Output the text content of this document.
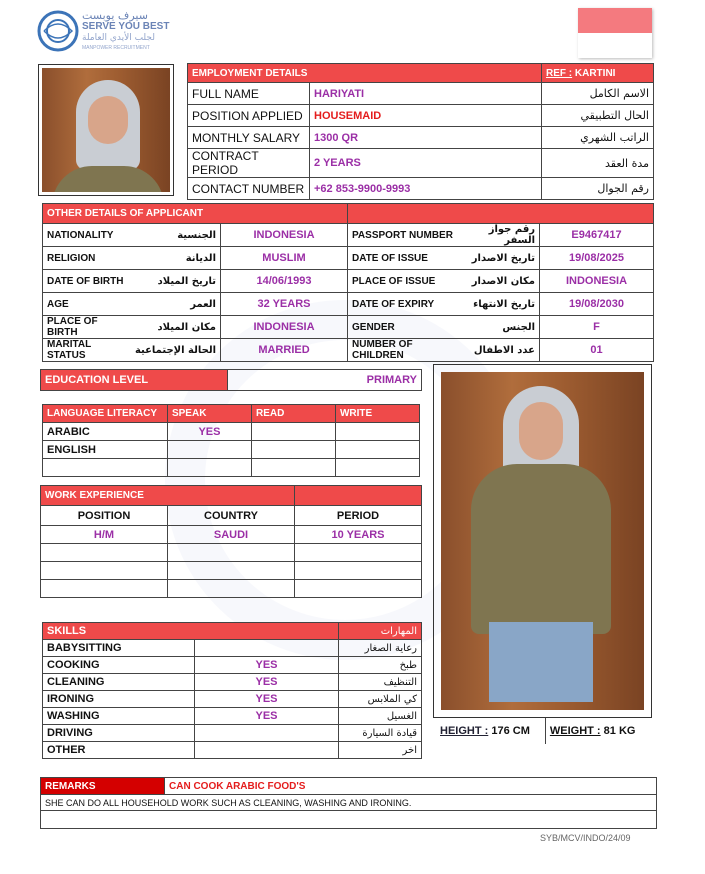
سيرف يوبست
SERVE YOU BEST
لجلب الأيدي العاملة
MANPOWER RECRUITMENT
EMPLOYMENT DETAILS		REF : KARTINI
FULL NAME	HARIYATI	الاسم الكامل
POSITION APPLIED	HOUSEMAID	الحال التطبيقي
MONTHLY SALARY	1300 QR	الراتب الشهري
CONTRACT PERIOD	2 YEARS	مدة العقد
CONTACT NUMBER	+62 853-9900-9993	رقم الجوال
OTHER DETAILS OF APPLICANT					
NATIONALITY	الجنسية	INDONESIA	PASSPORT NUMBER	رقم جواز السفر	E9467417
RELIGION	الديانة	MUSLIM	DATE OF ISSUE	تاريخ الاصدار	19/08/2025
DATE OF BIRTH	تاريخ الميلاد	14/06/1993	PLACE OF ISSUE	مكان الاصدار	INDONESIA
AGE	العمر	32 YEARS	DATE OF EXPIRY	تاريخ الانتهاء	19/08/2030
PLACE OF BIRTH	مكان الميلاد	INDONESIA	GENDER	الجنس	F
MARITAL STATUS	الحالة الإجتماعية	MARRIED	NUMBER OF CHILDREN	عدد الاطفال	01
EDUCATION LEVEL	PRIMARY
LANGUAGE LITERACY	SPEAK	READ	WRITE
ARABIC	YES		
ENGLISH			

WORK EXPERIENCE		
POSITION	COUNTRY	PERIOD
H/M	SAUDI	10 YEARS

SKILLS		المهارات
BABYSITTING		رعاية الصغار
COOKING	YES	طبخ
CLEANING	YES	التنظيف
IRONING	YES	كي الملابس
WASHING	YES	الغسيل
DRIVING		قيادة السيارة
OTHER		اخر
HEIGHT : 176 CM	WEIGHT : 81 KG
REMARKS	CAN COOK ARABIC FOOD'S
SHE CAN DO ALL HOUSEHOLD WORK SUCH AS CLEANING, WASHING AND IRONING.

SYB/MCV/INDO/24/09
